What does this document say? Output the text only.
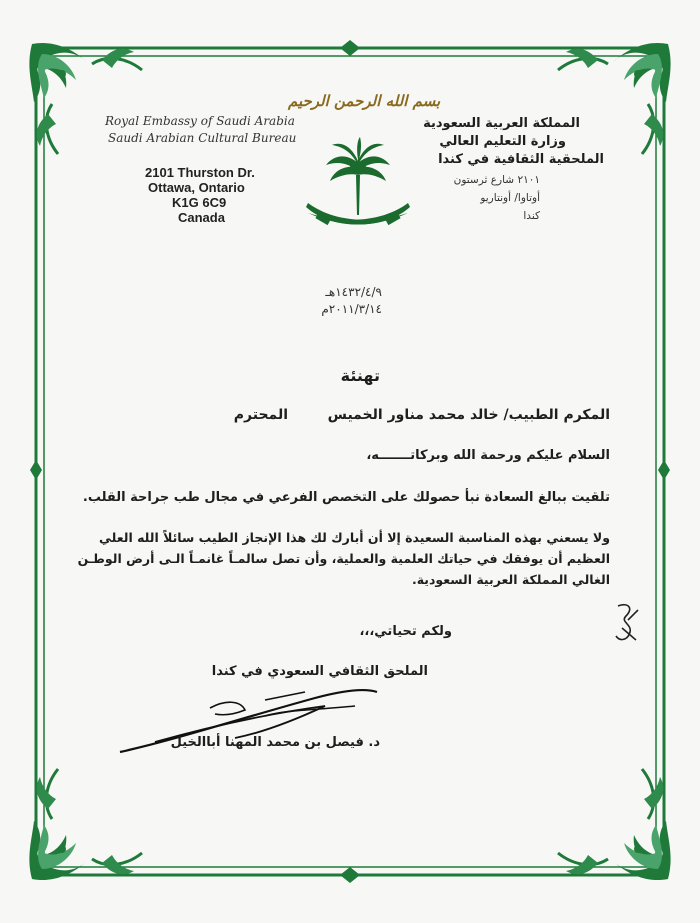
Royal Embassy of Saudi Arabia
Saudi Arabian Cultural Bureau
2101 Thurston Dr.
Ottawa, Ontario
K1G 6C9
Canada
بسم الله الرحمن الرحيم
المملكة العربية السعودية
وزارة التعليم العالي
الملحقية الثقافية في كندا
٢١٠١ شارع ثرستون
أوتاوا/ أونتاريو
كندا
١٤٣٢/٤/٩هـ
٢٠١١/٣/١٤م
تهنئة
المكرم الطبيب/ خالد محمد مناور الخميس
المحترم
السلام عليكم ورحمة الله وبركاتـــــــه،
تلقيت ببالغ السعادة نبأ حصولك على التخصص الفرعي في مجال طب جراحة القلب.
ولا يسعني بهذه المناسبة السعيدة إلا أن أبارك لك هذا الإنجاز الطيب سائلاً الله العلي
العظيم أن يوفقك في حياتك العلمية والعملية، وأن تصل سالمـاً غانمـاً الـى أرض الوطـن
الغالي المملكة العربية السعودية.
ولكم تحياتي،،،
الملحق الثقافي السعودي في كندا
د. فيصل بن محمد المهنا أباالخيل
